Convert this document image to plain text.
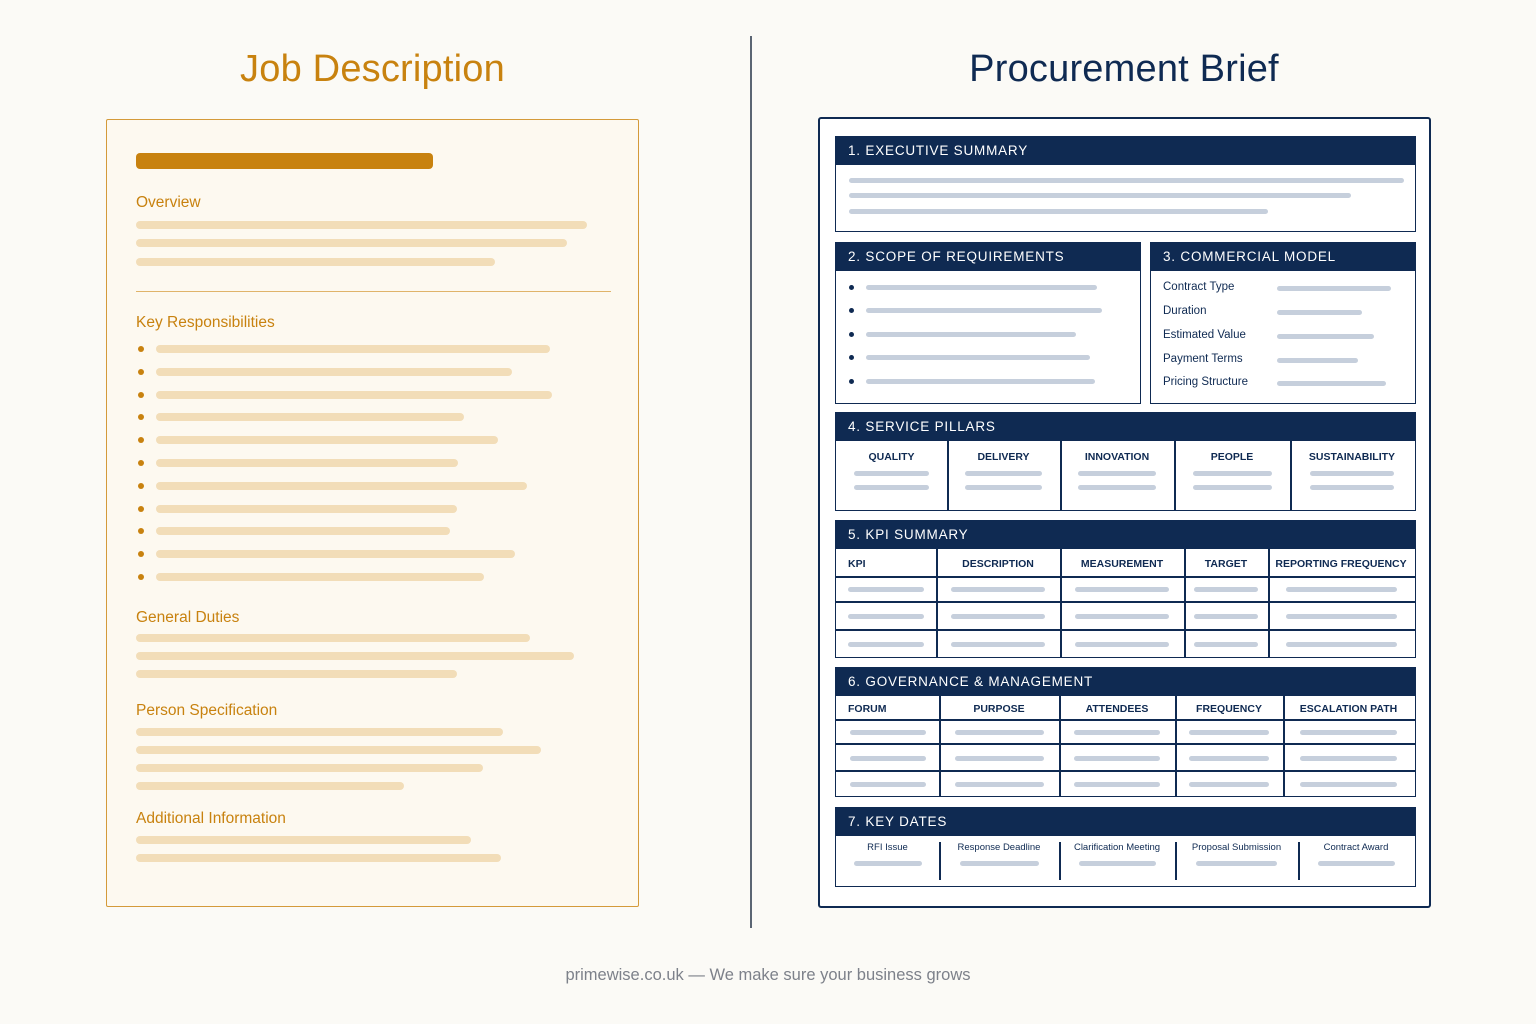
Job Description	Procurement Brief
Overview
Key Responsibilities
General Duties
Person Specification
Additional Information
1. EXECUTIVE SUMMARY
2. SCOPE OF REQUIREMENTS	3. COMMERCIAL MODEL
Contract Type
Duration
Estimated Value
Payment Terms
Pricing Structure
4. SERVICE PILLARS
QUALITY	DELIVERY	INNOVATION	PEOPLE	SUSTAINABILITY
5. KPI SUMMARY
KPI	DESCRIPTION	MEASUREMENT	TARGET	REPORTING FREQUENCY
6. GOVERNANCE & MANAGEMENT
FORUM	PURPOSE	ATTENDEES	FREQUENCY	ESCALATION PATH
7. KEY DATES
RFI Issue	Response Deadline	Clarification Meeting	Proposal Submission	Contract Award
primewise.co.uk — We make sure your business grows
